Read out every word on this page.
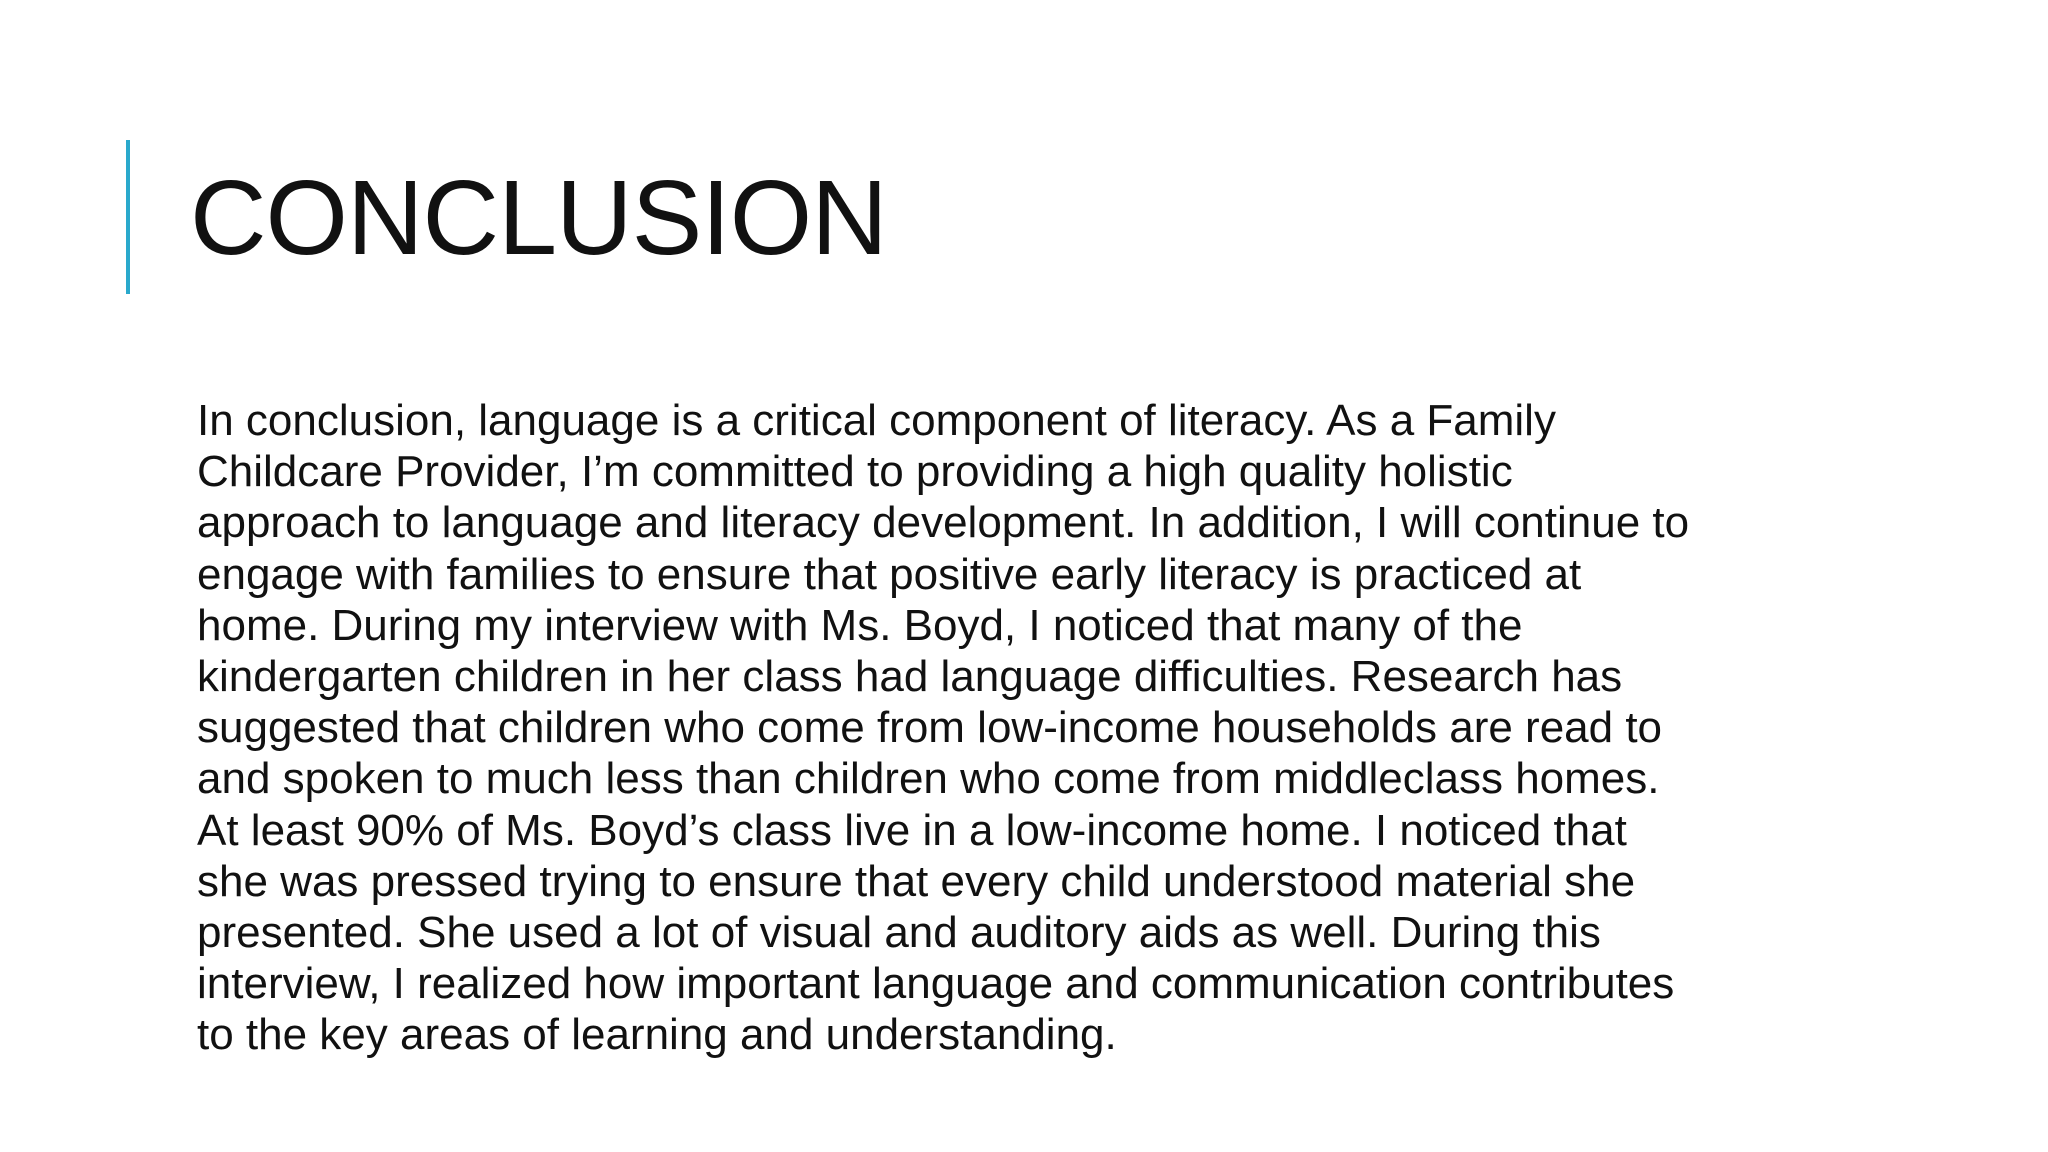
CONCLUSION
In conclusion, language is a critical component of literacy. As a Family
Childcare Provider, I’m committed to providing a high quality holistic
approach to language and literacy development. In addition, I will continue to
engage with families to ensure that positive early literacy is practiced at
home. During my interview with Ms. Boyd, I noticed that many of the
kindergarten children in her class had language difficulties. Research has
suggested that children who come from low-income households are read to
and spoken to much less than children who come from middleclass homes.
At least 90% of Ms. Boyd’s class live in a low-income home. I noticed that
she was pressed trying to ensure that every child understood material she
presented. She used a lot of visual and auditory aids as well. During this
interview, I realized how important language and communication contributes
to the key areas of learning and understanding.
